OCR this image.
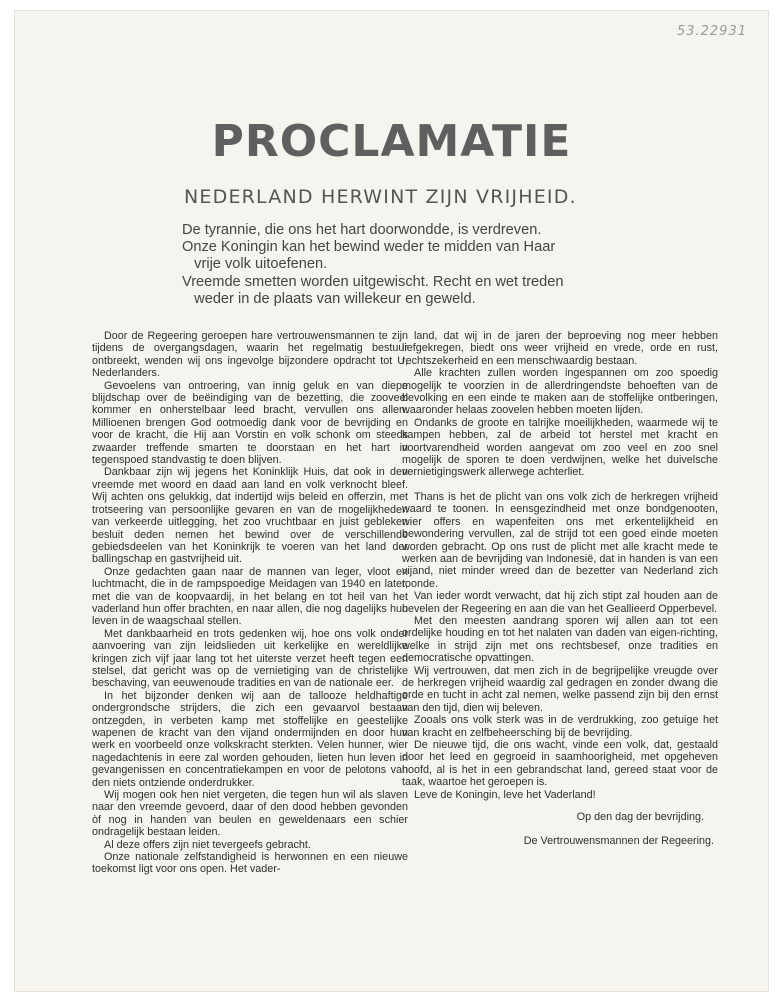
53.22931
PROCLAMATIE
NEDERLAND HERWINT ZIJN VRIJHEID.
De tyrannie, die ons het hart doorwondde, is verdreven.
Onze Koningin kan het bewind weder te midden van Haar
vrije volk uitoefenen.
Vreemde smetten worden uitgewischt. Recht en wet treden
weder in de plaats van willekeur en geweld.

Door de Regeering geroepen hare vertrouwensmannen te zijn tijdens de overgangsdagen, waarin het regelmatig bestuur ontbreekt, wenden wij ons ingevolge bijzondere opdracht tot U, Nederlanders.

Gevoelens van ontroering, van innig geluk en van diepe blijdschap over de beëindiging van de bezetting, die zooveel kommer en onherstelbaar leed bracht, vervullen ons allen. Millioenen brengen God ootmoedig dank voor de bevrijding en voor de kracht, die Hij aan Vorstin en volk schonk om steeds zwaarder treffende smarten te doorstaan en het hart in tegenspoed standvastig te doen blijven.

Dankbaar zijn wij jegens het Koninklijk Huis, dat ook in den vreemde met woord en daad aan land en volk verknocht bleef. Wij achten ons gelukkig, dat indertijd wijs beleid en offerzin, met trotseering van persoonlijke gevaren en van de mogelijkheden van verkeerde uitlegging, het zoo vruchtbaar en juist gebleken besluit deden nemen het bewind over de verschillende gebiedsdeelen van het Koninkrijk te voeren van het land der ballingschap en gastvrijheid uit.

Onze gedachten gaan naar de mannen van leger, vloot en luchtmacht, die in de rampspoedige Meidagen van 1940 en later, met die van de koopvaardij, in het belang en tot heil van het vaderland hun offer brachten, en naar allen, die nog dagelijks hun leven in de waagschaal stellen.

Met dankbaarheid en trots gedenken wij, hoe ons volk onder aanvoering van zijn leidslieden uit kerkelijke en wereldlijke kringen zich vijf jaar lang tot het uiterste verzet heeft tegen een stelsel, dat gericht was op de vernietiging van de christelijke beschaving, van eeuwenoude tradities en van de nationale eer.

In het bijzonder denken wij aan de tallooze heldhaftige ondergrondsche strijders, die zich een gevaarvol bestaan ontzegden, in verbeten kamp met stoffelijke en geestelijke wapenen de kracht van den vijand ondermijnden en door hun werk en voorbeeld onze volkskracht sterkten. Velen hunner, wier nagedachtenis in eere zal worden gehouden, lieten hun leven in gevangenissen en concentratiekampen en voor de pelotons van den niets ontziende onderdrukker.

Wij mogen ook hen niet vergeten, die tegen hun wil als slaven naar den vreemde gevoerd, daar of den dood hebben gevonden òf nog in handen van beulen en geweldenaars een schier ondragelijk bestaan leiden.

Al deze offers zijn niet tevergeefs gebracht.

Onze nationale zelfstandigheid is herwonnen en een nieuwe toekomst ligt voor ons open. Het vader-

land, dat wij in de jaren der beproeving nog meer hebben liefgekregen, biedt ons weer vrijheid en vrede, orde en rust, rechtszekerheid en een menschwaardig bestaan.

Alle krachten zullen worden ingespannen om zoo spoedig mogelijk te voorzien in de allerdringendste behoeften van de bevolking en een einde te maken aan de stoffelijke ontberingen, waaronder helaas zoovelen hebben moeten lijden.

Ondanks de groote en talrijke moeilijkheden, waarmede wij te kampen hebben, zal de arbeid tot herstel met kracht en voortvarendheid worden aangevat om zoo veel en zoo snel mogelijk de sporen te doen verdwijnen, welke het duivelsche vernietigingswerk allerwege achterliet.

Thans is het de plicht van ons volk zich de herkregen vrijheid waard te toonen. In eensgezindheid met onze bondgenooten, wier offers en wapenfeiten ons met erkentelijkheid en bewondering vervullen, zal de strijd tot een goed einde moeten worden gebracht. Op ons rust de plicht met alle kracht mede te werken aan de bevrijding van Indonesië, dat in handen is van een vijand, niet minder wreed dan de bezetter van Nederland zich toonde.

Van ieder wordt verwacht, dat hij zich stipt zal houden aan de bevelen der Regeering en aan die van het Geallieerd Opperbevel.

Met den meesten aandrang sporen wij allen aan tot een ordelijke houding en tot het nalaten van daden van eigen-richting, welke in strijd zijn met ons rechtsbesef, onze tradities en democratische opvattingen.

Wij vertrouwen, dat men zich in de begrijpelijke vreugde over de herkregen vrijheid waardig zal gedragen en zonder dwang die orde en tucht in acht zal nemen, welke passend zijn bij den ernst van den tijd, dien wij beleven.

Zooals ons volk sterk was in de verdrukking, zoo getuige het van kracht en zelfbeheersching bij de bevrijding.

De nieuwe tijd, die ons wacht, vinde een volk, dat, gestaald door het leed en gegroeid in saamhoorigheid, met opgeheven hoofd, al is het in een gebrandschat land, gereed staat voor de taak, waartoe het geroepen is.

Leve de Koningin, leve het Vaderland!

Op den dag der bevrijding.
De Vertrouwensmannen der Regeering.
